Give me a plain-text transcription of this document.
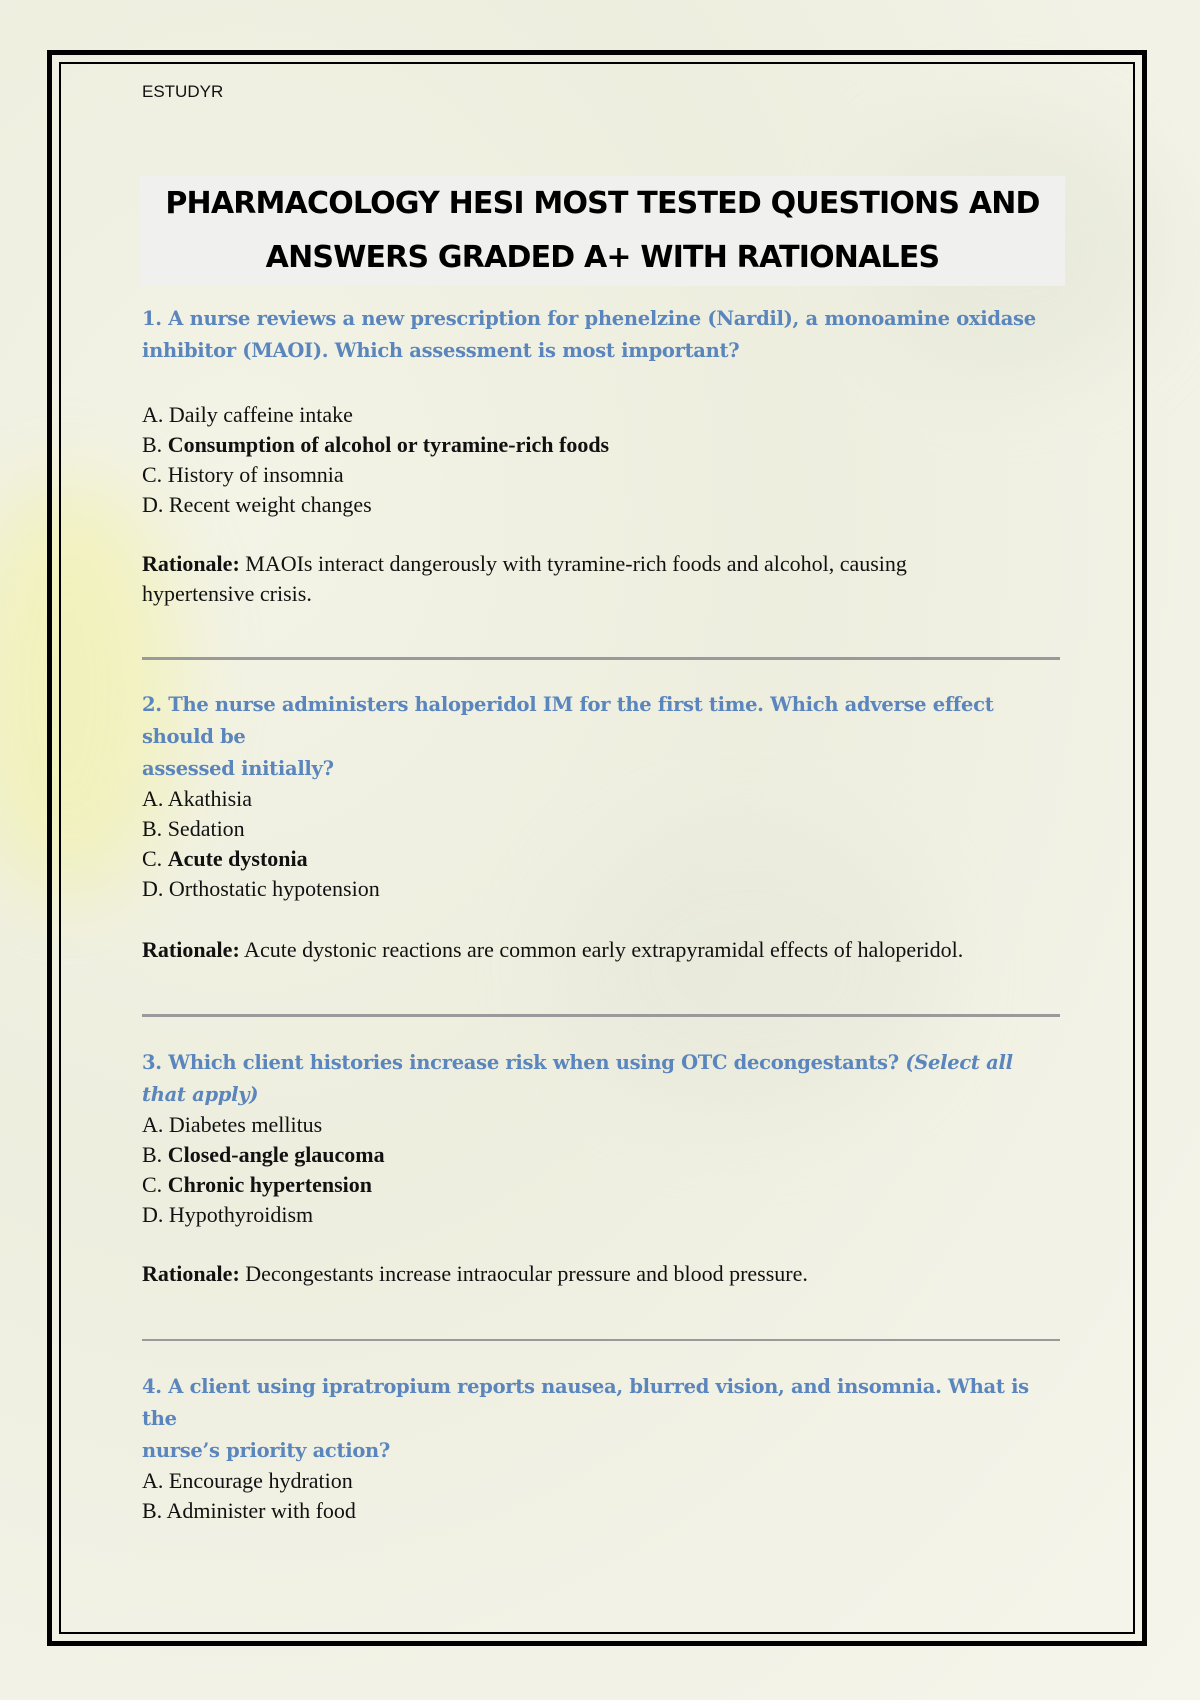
ESTUDYR
PHARMACOLOGY HESI MOST TESTED QUESTIONS AND
ANSWERS GRADED A+ WITH RATIONALES
1. A nurse reviews a new prescription for phenelzine (Nardil), a monoamine oxidase
inhibitor (MAOI). Which assessment is most important?
A. Daily caffeine intake
B. Consumption of alcohol or tyramine-rich foods
C. History of insomnia
D. Recent weight changes
Rationale: MAOIs interact dangerously with tyramine-rich foods and alcohol, causing
hypertensive crisis.
2. The nurse administers haloperidol IM for the first time. Which adverse effect should be
assessed initially?
A. Akathisia
B. Sedation
C. Acute dystonia
D. Orthostatic hypotension
Rationale: Acute dystonic reactions are common early extrapyramidal effects of haloperidol.
3. Which client histories increase risk when using OTC decongestants? (Select all that apply)
A. Diabetes mellitus
B. Closed-angle glaucoma
C. Chronic hypertension
D. Hypothyroidism
Rationale: Decongestants increase intraocular pressure and blood pressure.
4. A client using ipratropium reports nausea, blurred vision, and insomnia. What is the
nurse’s priority action?
A. Encourage hydration
B. Administer with food
